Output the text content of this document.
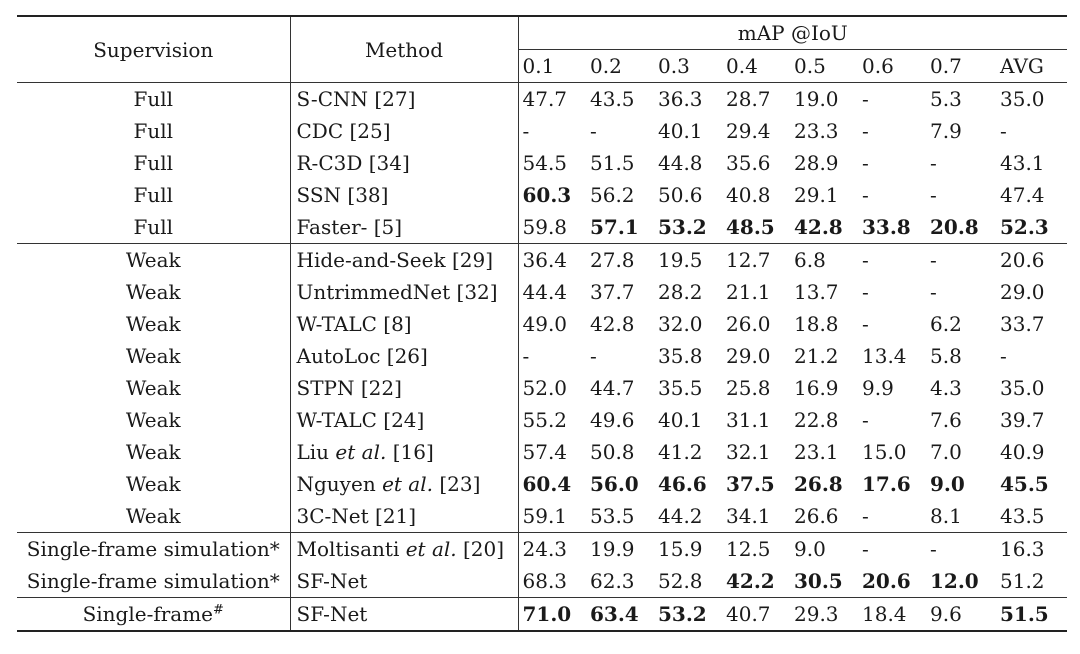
Supervision	Method	mAP @IoU							
		0.1	0.2	0.3	0.4	0.5	0.6	0.7	AVG
Full	S-CNN [27]	47.7	43.5	36.3	28.7	19.0	-	5.3	35.0
Full	CDC [25]	-	-	40.1	29.4	23.3	-	7.9	-
Full	R-C3D [34]	54.5	51.5	44.8	35.6	28.9	-	-	43.1
Full	SSN [38]	60.3	56.2	50.6	40.8	29.1	-	-	47.4
Full	Faster- [5]	59.8	57.1	53.2	48.5	42.8	33.8	20.8	52.3
Weak	Hide-and-Seek [29]	36.4	27.8	19.5	12.7	6.8	-	-	20.6
Weak	UntrimmedNet [32]	44.4	37.7	28.2	21.1	13.7	-	-	29.0
Weak	W-TALC [8]	49.0	42.8	32.0	26.0	18.8	-	6.2	33.7
Weak	AutoLoc [26]	-	-	35.8	29.0	21.2	13.4	5.8	-
Weak	STPN [22]	52.0	44.7	35.5	25.8	16.9	9.9	4.3	35.0
Weak	W-TALC [24]	55.2	49.6	40.1	31.1	22.8	-	7.6	39.7
Weak	Liu et al. [16]	57.4	50.8	41.2	32.1	23.1	15.0	7.0	40.9
Weak	Nguyen et al. [23]	60.4	56.0	46.6	37.5	26.8	17.6	9.0	45.5
Weak	3C-Net [21]	59.1	53.5	44.2	34.1	26.6	-	8.1	43.5
Single-frame simulation*	Moltisanti et al. [20]	24.3	19.9	15.9	12.5	9.0	-	-	16.3
Single-frame simulation*	SF-Net	68.3	62.3	52.8	42.2	30.5	20.6	12.0	51.2
Single-frame#	SF-Net	71.0	63.4	53.2	40.7	29.3	18.4	9.6	51.5
